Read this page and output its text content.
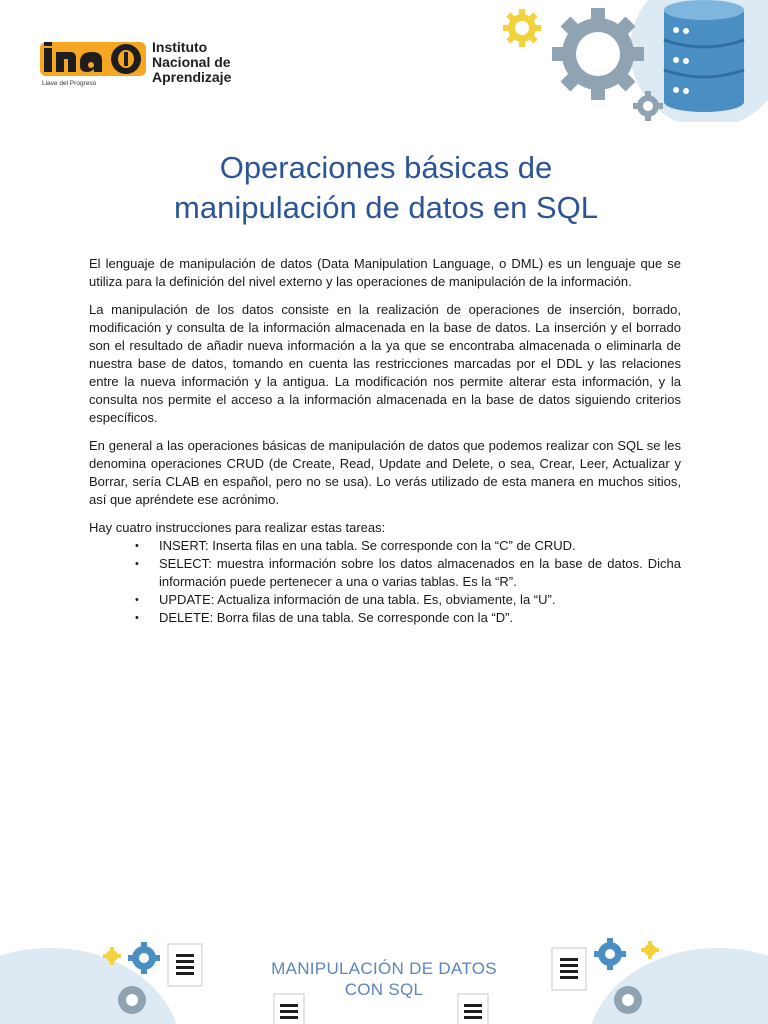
Llave del Progreso
Instituto
Nacional de
Aprendizaje
Operaciones básicas de
manipulación de datos en SQL

El lenguaje de manipulación de datos (Data Manipulation Language, o DML) es un lenguaje que se utiliza para la definición del nivel externo y las operaciones de manipulación de la información.

La manipulación de los datos consiste en la realización de operaciones de inserción, borrado, modificación y consulta de la información almacenada en la base de datos. La inserción y el borrado son el resultado de añadir nueva información a la ya que se encontraba almacenada o eliminarla de nuestra base de datos, tomando en cuenta las restricciones marcadas por el DDL y las relaciones entre la nueva información y la antigua. La modificación nos permite alterar esta información, y la consulta nos permite el acceso a la información almacenada en la base de datos siguiendo criterios específicos.

En general a las operaciones básicas de manipulación de datos que podemos realizar con SQL se les denomina operaciones CRUD (de Create, Read, Update and Delete, o sea, Crear, Leer, Actualizar y Borrar, sería CLAB en español, pero no se usa). Lo verás utilizado de esta manera en muchos sitios, así que apréndete ese acrónimo.

Hay cuatro instrucciones para realizar estas tareas:

• INSERT: Inserta filas en una tabla. Se corresponde con la “C” de CRUD.
• SELECT: muestra información sobre los datos almacenados en la base de datos. Dicha información puede pertenecer a una o varias tablas. Es la “R”.
• UPDATE: Actualiza información de una tabla. Es, obviamente, la “U”.
• DELETE: Borra filas de una tabla. Se corresponde con la “D”.
MANIPULACIÓN DE DATOS
CON SQL
